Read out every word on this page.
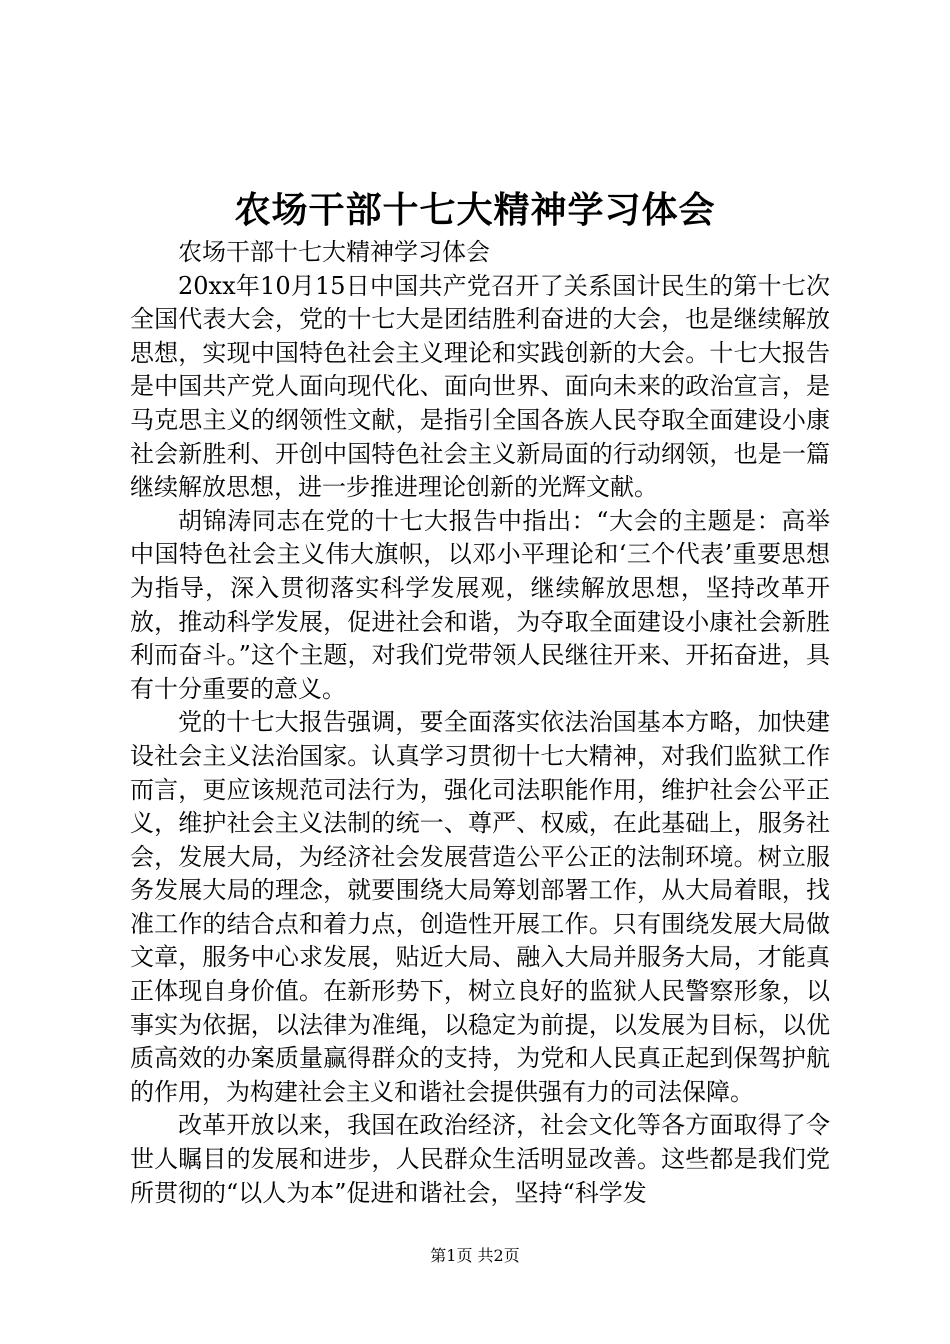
农场干部十七大精神学习体会

农场干部十七大精神学习体会

20xx年10月15日中国共产党召开了关系国计民生的第十七次全国代表大会，党的十七大是团结胜利奋进的大会，也是继续解放思想，实现中国特色社会主义理论和实践创新的大会。十七大报告是中国共产党人面向现代化、面向世界、面向未来的政治宣言，是马克思主义的纲领性文献，是指引全国各族人民夺取全面建设小康社会新胜利、开创中国特色社会主义新局面的行动纲领，也是一篇继续解放思想，进一步推进理论创新的光辉文献。

胡锦涛同志在党的十七大报告中指出：“大会的主题是：高举中国特色社会主义伟大旗帜，以邓小平理论和‘三个代表’重要思想为指导，深入贯彻落实科学发展观，继续解放思想，坚持改革开放，推动科学发展，促进社会和谐，为夺取全面建设小康社会新胜利而奋斗。”这个主题，对我们党带领人民继往开来、开拓奋进，具有十分重要的意义。

党的十七大报告强调，要全面落实依法治国基本方略，加快建设社会主义法治国家。认真学习贯彻十七大精神，对我们监狱工作而言，更应该规范司法行为，强化司法职能作用，维护社会公平正义，维护社会主义法制的统一、尊严、权威，在此基础上，服务社会，发展大局，为经济社会发展营造公平公正的法制环境。树立服务发展大局的理念，就要围绕大局筹划部署工作，从大局着眼，找准工作的结合点和着力点，创造性开展工作。只有围绕发展大局做文章，服务中心求发展，贴近大局、融入大局并服务大局，才能真正体现自身价值。在新形势下，树立良好的监狱人民警察形象，以事实为依据，以法律为准绳，以稳定为前提，以发展为目标，以优质高效的办案质量赢得群众的支持，为党和人民真正起到保驾护航的作用，为构建社会主义和谐社会提供强有力的司法保障。

改革开放以来，我国在政治经济，社会文化等各方面取得了令世人瞩目的发展和进步，人民群众生活明显改善。这些都是我们党所贯彻的“以人为本”促进和谐社会，坚持“科学发

第1页 共2页
